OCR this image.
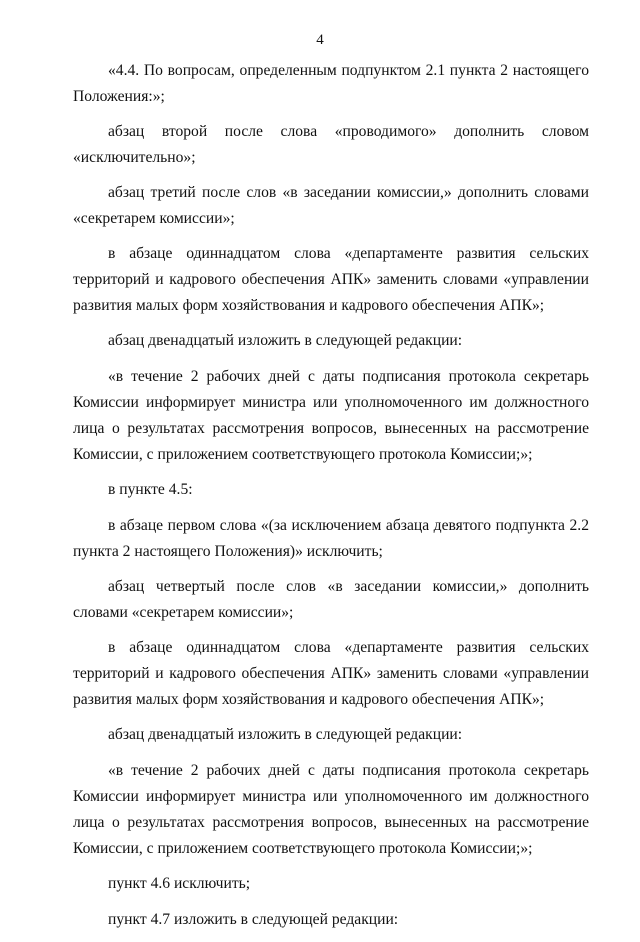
4

«4.4. По вопросам, определенным подпунктом 2.1 пункта 2 настоящего Положения:»;

абзац второй после слова «проводимого» дополнить словом «исключительно»;

абзац третий после слов «в заседании комиссии,» дополнить словами «секретарем комиссии»;

в абзаце одиннадцатом слова «департаменте развития сельских территорий и кадрового обеспечения АПК» заменить словами «управлении развития малых форм хозяйствования и кадрового обеспечения АПК»;

абзац двенадцатый изложить в следующей редакции:

«в течение 2 рабочих дней с даты подписания протокола секретарь Комиссии информирует министра или уполномоченного им должностного лица о результатах рассмотрения вопросов, вынесенных на рассмотрение Комиссии, с приложением соответствующего протокола Комиссии;»;

в пункте 4.5:

в абзаце первом слова «(за исключением абзаца девятого подпункта 2.2 пункта 2 настоящего Положения)» исключить;

абзац четвертый после слов «в заседании комиссии,» дополнить словами «секретарем комиссии»;

в абзаце одиннадцатом слова «департаменте развития сельских территорий и кадрового обеспечения АПК» заменить словами «управлении развития малых форм хозяйствования и кадрового обеспечения АПК»;

абзац двенадцатый изложить в следующей редакции:

«в течение 2 рабочих дней с даты подписания протокола секретарь Комиссии информирует министра или уполномоченного им должностного лица о результатах рассмотрения вопросов, вынесенных на рассмотрение Комиссии, с приложением соответствующего протокола Комиссии;»;

пункт 4.6 исключить;

пункт 4.7 изложить в следующей редакции:
